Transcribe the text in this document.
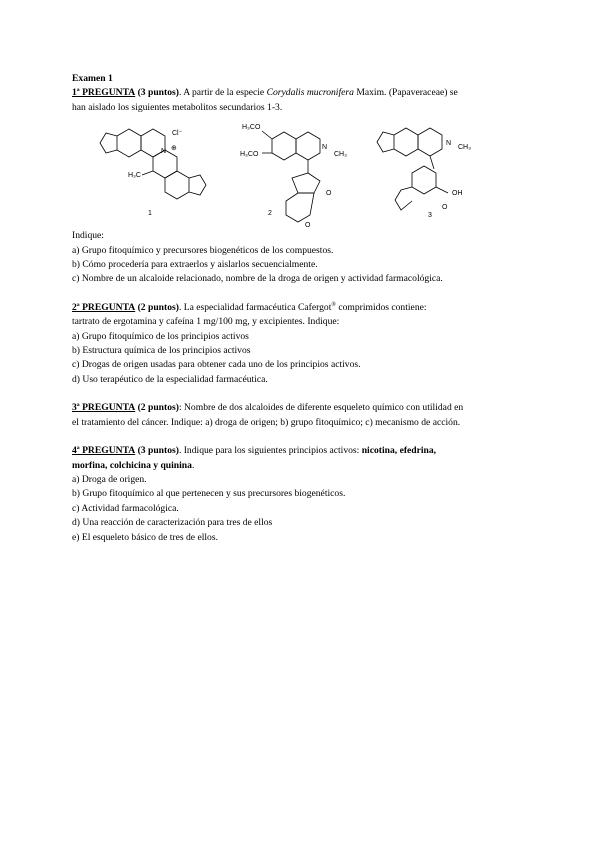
Examen 1
1ª PREGUNTA (3 puntos). A partir de la especie Corydalis mucronifera Maxim. (Papaveraceae) se
han aislado los siguientes metabolitos secundarios 1-3.
Cl⁻
⊕
N
H₃C
1
H₃CO
H₃CO
N
CH₃
O
O
2
N
CH₃
OH
O
3
Indique:
a) Grupo fitoquímico y precursores biogenéticos de los compuestos.
b) Cómo procedería para extraerlos y aislarlos secuencialmente.
c) Nombre de un alcaloide relacionado, nombre de la droga de origen y actividad farmacológica.
2ª PREGUNTA (2 puntos). La especialidad farmacéutica Cafergot® comprimidos contiene:
tartrato de ergotamina y cafeína 1 mg/100 mg, y excipientes. Indique:
a) Grupo fitoquímico de los principios activos
b) Estructura química de los principios activos
c) Drogas de origen usadas para obtener cada uno de los principios activos.
d) Uso terapéutico de la especialidad farmacéutica.
3ª PREGUNTA (2 puntos): Nombre de dos alcaloides de diferente esqueleto químico con utilidad en
el tratamiento del cáncer. Indique: a) droga de origen; b) grupo fitoquímico; c) mecanismo de acción.
4ª PREGUNTA (3 puntos). Indique para los siguientes principios activos: nicotina, efedrina,
morfina, colchicina y quinina.
a) Droga de origen.
b) Grupo fitoquímico al que pertenecen y sus precursores biogenéticos.
c) Actividad farmacológica.
d) Una reacción de caracterización para tres de ellos
e) El esqueleto básico de tres de ellos.
